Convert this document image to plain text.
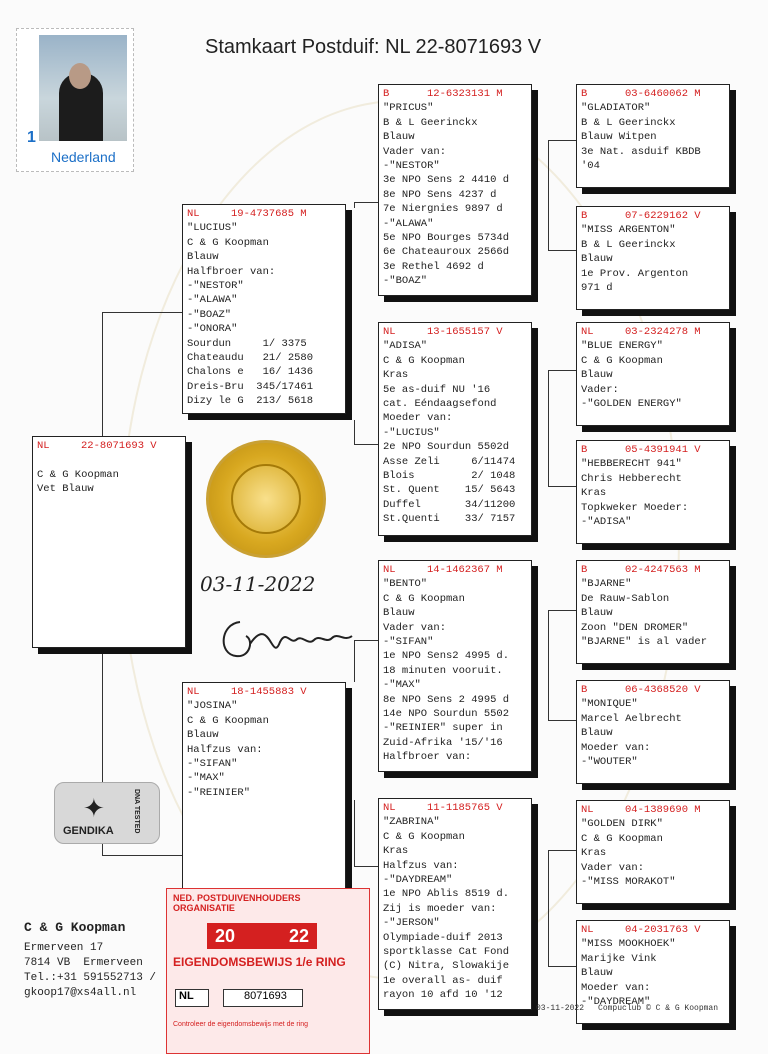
Stamkaart Postduif: NL 22-8071693 V
1
Nederland
NL	22-8071693 V

C & G Koopman
Vet Blauw
NL	19-4737685 M
"LUCIUS"
C & G Koopman
Blauw
Halfbroer van:
-"NESTOR"
-"ALAWA"
-"BOAZ"
-"ONORA"
Sourdun     1/ 3375
Chateaudu   21/ 2580
Chalons e   16/ 1436
Dreis-Bru  345/17461
Dizy le G  213/ 5618
NL	18-1455883 V
"JOSINA"
C & G Koopman
Blauw
Halfzus van:
-"SIFAN"
-"MAX"
-"REINIER"
B	12-6323131 M
"PRICUS"
B & L Geerinckx
Blauw
Vader van:
-"NESTOR"
3e NPO Sens 2 4410 d
8e NPO Sens 4237 d
7e Niergnies 9897 d
-"ALAWA"
5e NPO Bourges 5734d
6e Chateauroux 2566d
3e Rethel 4692 d
-"BOAZ"
NL	13-1655157 V
"ADISA"
C & G Koopman
Kras
5e as-duif NU '16
cat. Eéndaagsefond
Moeder van:
-"LUCIUS"
2e NPO Sourdun 5502d
Asse Zeli     6/11474
Blois         2/ 1048
St. Quent    15/ 5643
Duffel       34/11200
St.Quenti    33/ 7157
NL	14-1462367 M
"BENTO"
C & G Koopman
Blauw
Vader van:
-"SIFAN"
1e NPO Sens2 4995 d.
18 minuten vooruit.
-"MAX"
8e NPO Sens 2 4995 d
14e NPO Sourdun 5502
-"REINIER" super in
Zuid-Afrika '15/'16
Halfbroer van:
NL	11-1185765 V
"ZABRINA"
C & G Koopman
Kras
Halfzus van:
-"DAYDREAM"
1e NPO Ablis 8519 d.
Zij is moeder van:
-"JERSON"
Olympiade-duif 2013
sportklasse Cat Fond
(C) Nitra, Slowakije
1e overall as- duif
rayon 10 afd 10 '12
B	03-6460062 M
"GLADIATOR"
B & L Geerinckx
Blauw Witpen
3e Nat. asduif KBDB
'04
B	07-6229162 V
"MISS ARGENTON"
B & L Geerinckx
Blauw
1e Prov. Argenton
971 d
NL	03-2324278 M
"BLUE ENERGY"
C & G Koopman
Blauw
Vader:
-"GOLDEN ENERGY"
B	05-4391941 V
"HEBBERECHT 941"
Chris Hebberecht
Kras
Topkweker Moeder:
-"ADISA"
B	02-4247563 M
"BJARNE"
De Rauw-Sablon
Blauw
Zoon "DEN DROMER"
"BJARNE" is al vader
B	06-4368520 V
"MONIQUE"
Marcel Aelbrecht
Blauw
Moeder van:
-"WOUTER"
NL	04-1389690 M
"GOLDEN DIRK"
C & G Koopman
Kras
Vader van:
-"MISS MORAKOT"
NL	04-2031763 V
"MISS MOOKHOEK"
Marijke Vink
Blauw
Moeder van:
-"DAYDREAM"
03-11-2022
✦
GENDIKA	DNA TESTED
C & G Koopman
Ermerveen 17
7814 VB  Ermerveen
Tel.:+31 591552713 /
gkoop17@xs4all.nl
NED. POSTDUIVENHOUDERS ORGANISATIE
20	22
EIGENDOMSBEWIJS 1/e RING
NL	8071693
Controleer de eigendomsbewijs met de ring
03-11-2022 Compuclub © C & G Koopman
